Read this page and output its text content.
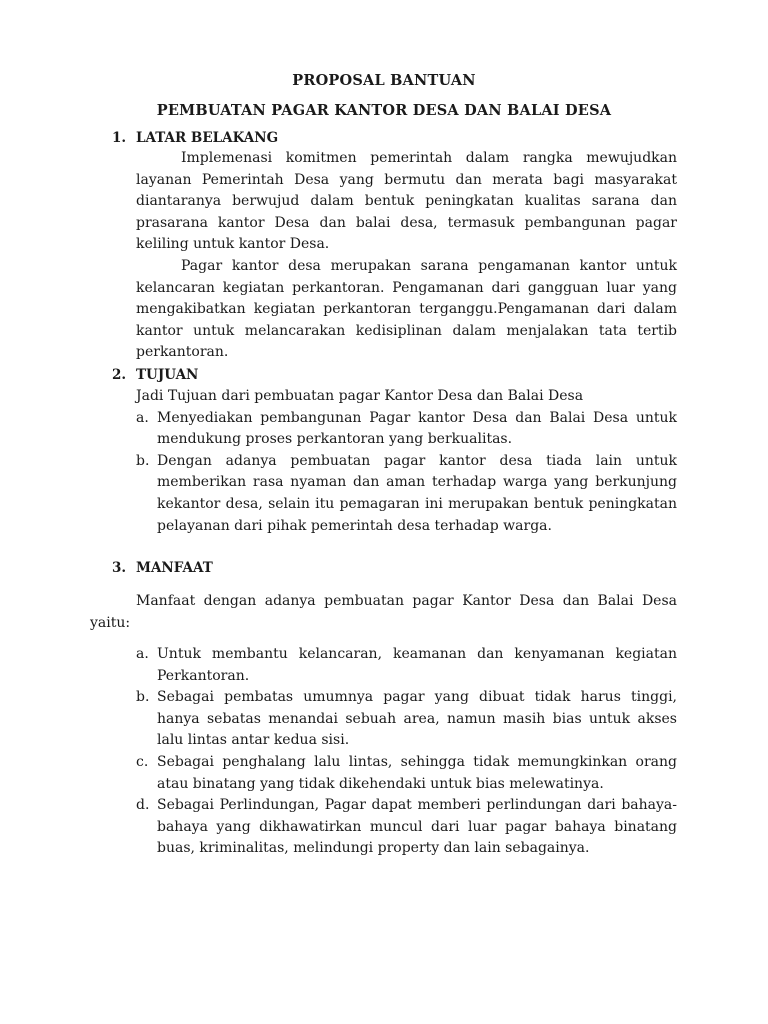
PROPOSAL BANTUAN
PEMBUATAN PAGAR KANTOR DESA DAN BALAI DESA
1. LATAR BELAKANG

Implemenasi komitmen pemerintah dalam rangka mewujudkan layanan Pemerintah Desa yang bermutu dan merata bagi masyarakat diantaranya berwujud dalam bentuk peningkatan kualitas sarana dan prasarana kantor Desa dan balai desa, termasuk pembangunan pagar keliling untuk kantor Desa.

Pagar kantor desa merupakan sarana pengamanan kantor untuk kelancaran kegiatan perkantoran. Pengamanan dari gangguan luar yang mengakibatkan kegiatan perkantoran terganggu.Pengamanan dari dalam kantor untuk melancarakan kedisiplinan dalam menjalakan tata tertib perkantoran.

2. TUJUAN

Jadi Tujuan dari pembuatan pagar Kantor Desa dan Balai Desa

a. Menyediakan pembangunan Pagar kantor Desa dan Balai Desa untuk mendukung proses perkantoran yang berkualitas.
b. Dengan adanya pembuatan pagar kantor desa tiada lain untuk memberikan rasa nyaman dan aman terhadap warga yang berkunjung kekantor desa, selain itu pemagaran ini merupakan bentuk peningkatan pelayanan dari pihak pemerintah desa terhadap warga.
3. MANFAAT
Manfaat dengan adanya pembuatan pagar Kantor Desa dan Balai Desa yaitu:
a. Untuk membantu kelancaran, keamanan dan kenyamanan kegiatan Perkantoran.
b. Sebagai pembatas umumnya pagar yang dibuat tidak harus tinggi, hanya sebatas menandai sebuah area, namun masih bias untuk akses lalu lintas antar kedua sisi.
c. Sebagai penghalang lalu lintas, sehingga tidak memungkinkan orang atau binatang yang tidak dikehendaki untuk bias melewatinya.
d. Sebagai Perlindungan, Pagar dapat memberi perlindungan dari bahaya-bahaya yang dikhawatirkan muncul dari luar pagar bahaya binatang buas, kriminalitas, melindungi property dan lain sebagainya.
